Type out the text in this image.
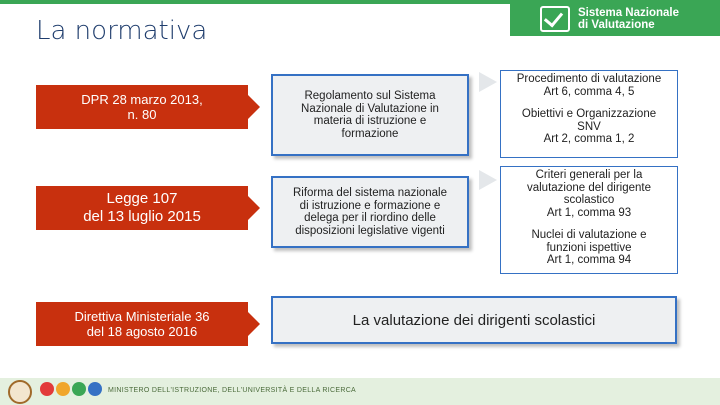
La normativa
Sistema Nazionale
di Valutazione
DPR 28 marzo 2013,
n. 80
Legge 107
del 13 luglio 2015
Direttiva Ministeriale 36
del 18 agosto 2016
Regolamento sul Sistema
Nazionale di Valutazione in
materia di istruzione e
formazione
Riforma del sistema nazionale
di istruzione e formazione e
delega per il riordino delle
disposizioni legislative vigenti
La valutazione dei dirigenti scolastici
Procedimento di valutazione
Art 6, comma 4, 5
Obiettivi e Organizzazione
SNV
Art 2, comma 1, 2
Criteri generali per la
valutazione del dirigente
scolastico
Art 1, comma 93
Nuclei di valutazione e
funzioni ispettive
Art 1, comma 94
MINISTERO DELL'ISTRUZIONE, DELL'UNIVERSITÀ E DELLA RICERCA
